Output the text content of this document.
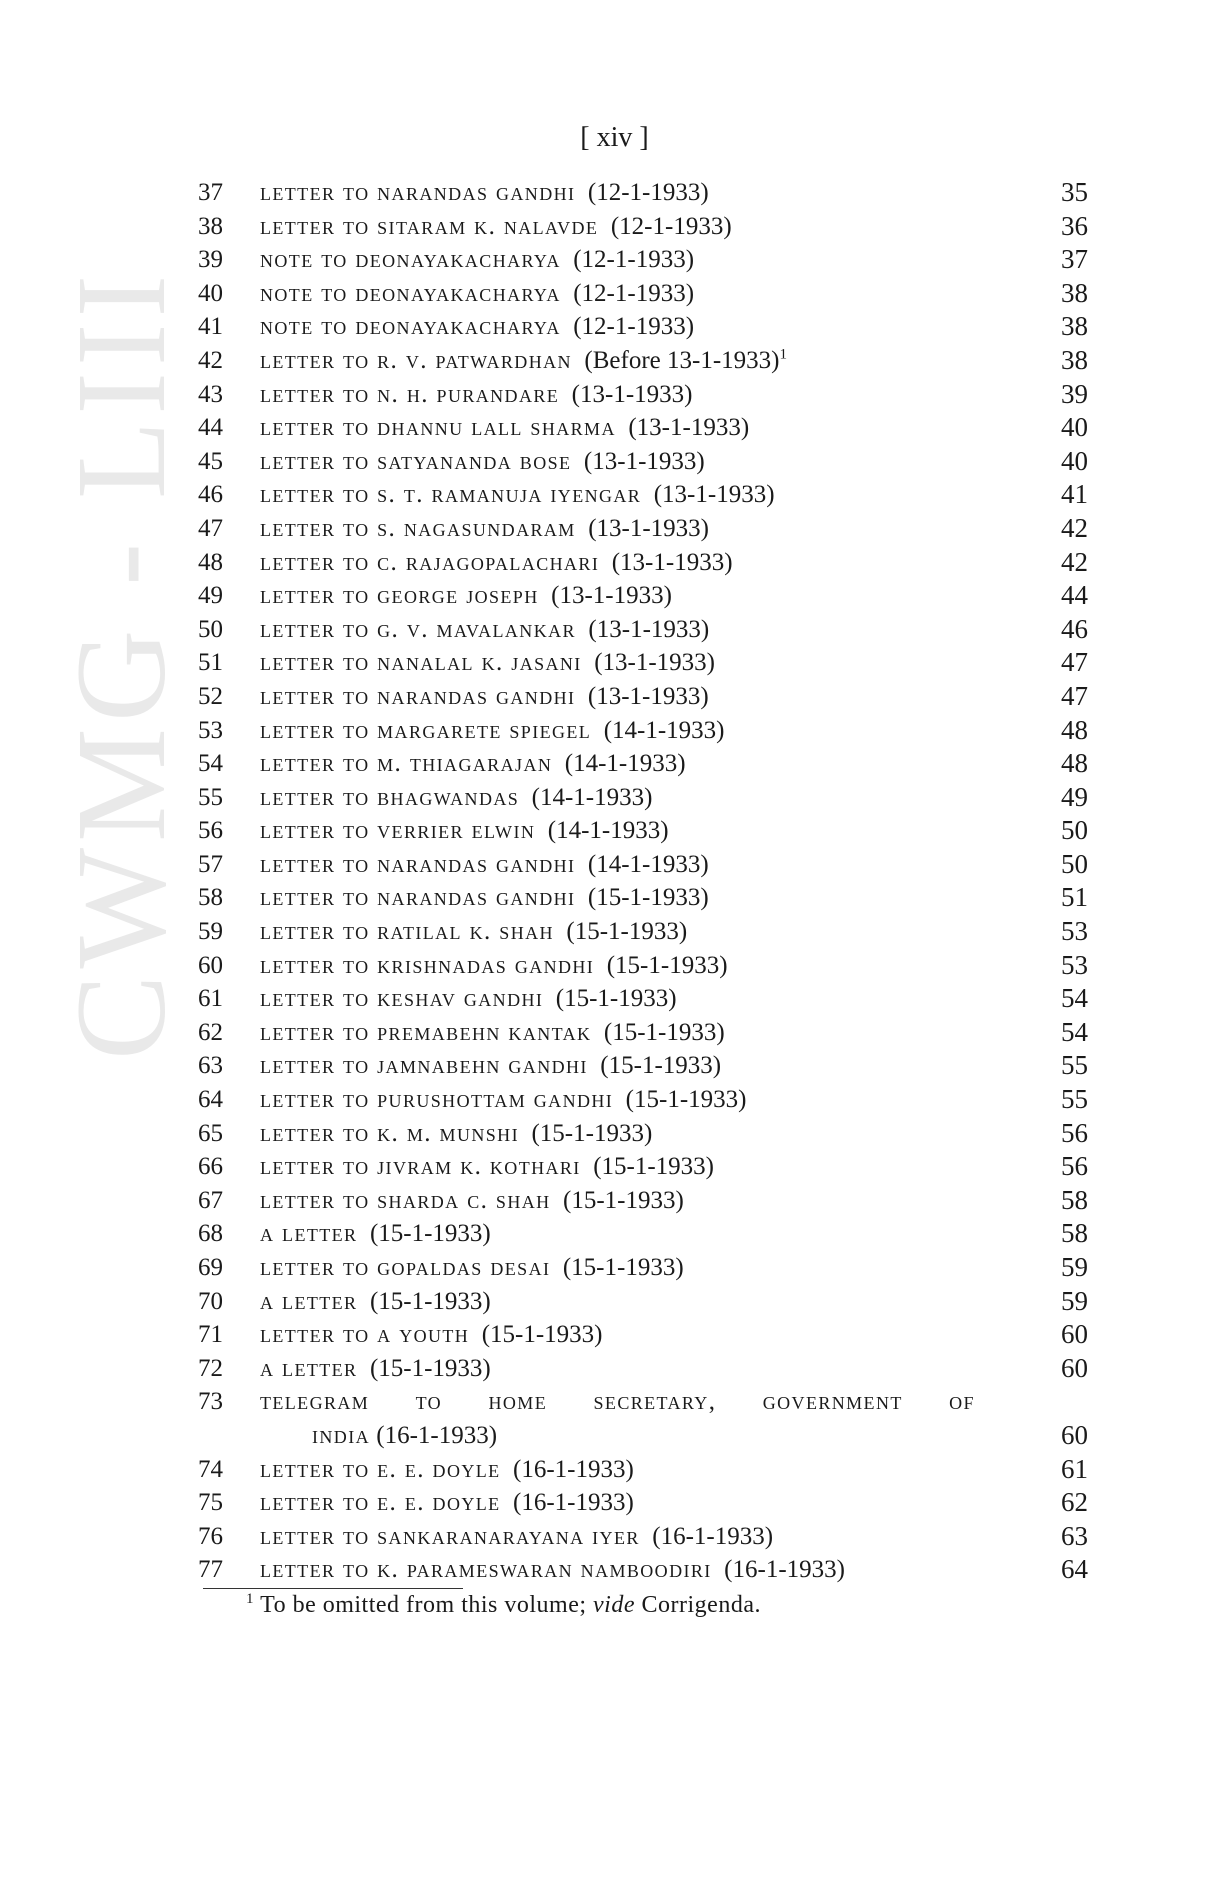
CWMG - LIII
[ xiv ]
37	letter to narandas gandhi (12-1-1933)	35
38	letter to sitaram k. nalavde (12-1-1933)	36
39	note to deonayakacharya (12-1-1933)	37
40	note to deonayakacharya (12-1-1933)	38
41	note to deonayakacharya (12-1-1933)	38
42	letter to r. v. patwardhan (Before 13-1-1933)$^1$	38
43	letter to n. h. purandare (13-1-1933)	39
44	letter to dhannu lall sharma (13-1-1933)	40
45	letter to satyananda bose (13-1-1933)	40
46	letter to s. t. ramanuja iyengar (13-1-1933)	41
47	letter to s. nagasundaram (13-1-1933)	42
48	letter to c. rajagopalachari (13-1-1933)	42
49	letter to george joseph (13-1-1933)	44
50	letter to g. v. mavalankar (13-1-1933)	46
51	letter to nanalal k. jasani (13-1-1933)	47
52	letter to narandas gandhi (13-1-1933)	47
53	letter to margarete spiegel (14-1-1933)	48
54	letter to m. thiagarajan (14-1-1933)	48
55	letter to bhagwandas (14-1-1933)	49
56	letter to verrier elwin (14-1-1933)	50
57	letter to narandas gandhi (14-1-1933)	50
58	letter to narandas gandhi (15-1-1933)	51
59	letter to ratilal k. shah (15-1-1933)	53
60	letter to krishnadas gandhi (15-1-1933)	53
61	letter to keshav gandhi (15-1-1933)	54
62	letter to premabehn kantak (15-1-1933)	54
63	letter to jamnabehn gandhi (15-1-1933)	55
64	letter to purushottam gandhi (15-1-1933)	55
65	letter to k. m. munshi (15-1-1933)	56
66	letter to jivram k. kothari (15-1-1933)	56
67	letter to sharda c. shah (15-1-1933)	58
68	a letter (15-1-1933)	58
69	letter to gopaldas desai (15-1-1933)	59
70	a letter (15-1-1933)	59
71	letter to a youth (15-1-1933)	60
72	a letter (15-1-1933)	60
73	telegram to home secretary, government of
india (16-1-1933)	60
74	letter to e. e. doyle (16-1-1933)	61
75	letter to e. e. doyle (16-1-1933)	62
76	letter to sankaranarayana iyer (16-1-1933)	63
77	letter to k. parameswaran namboodiri (16-1-1933)	64
$^1$ To be omitted from this volume; vide Corrigenda.
